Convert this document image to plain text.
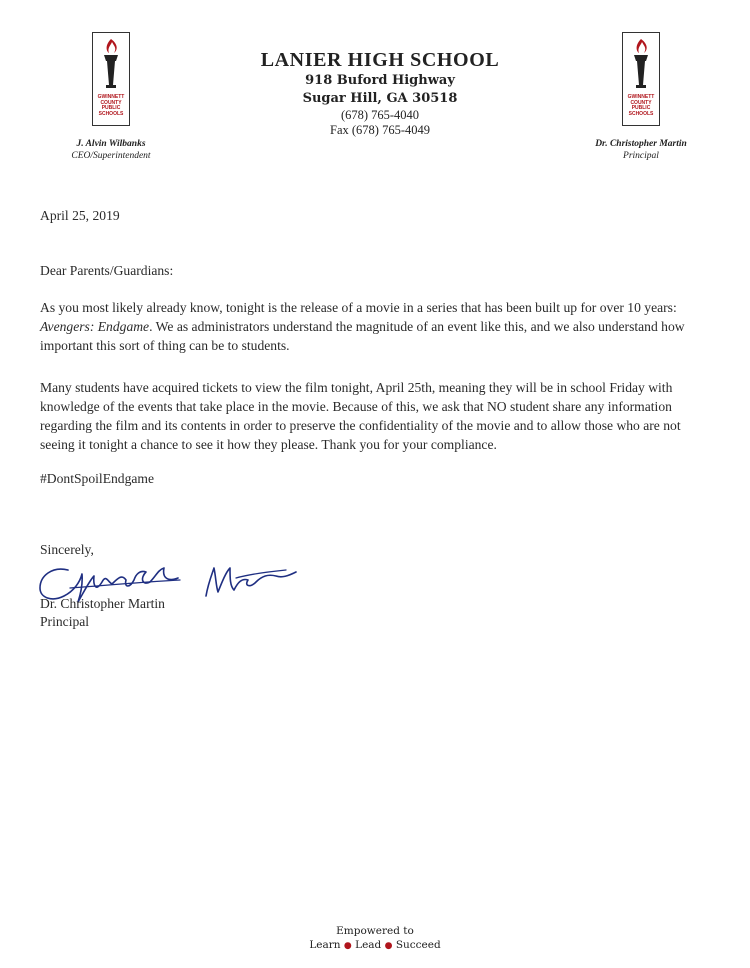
GWINNETT
COUNTY
PUBLIC
SCHOOLS
GWINNETT
COUNTY
PUBLIC
SCHOOLS
J. Alvin Wilbanks
CEO/Superintendent
Dr. Christopher Martin
Principal
LANIER HIGH SCHOOL
918 Buford Highway
Sugar Hill, GA 30518
(678) 765-4040
Fax (678) 765-4049
April 25, 2019
Dear Parents/Guardians:
As you most likely already know, tonight is the release of a movie in a series that has been built up for over 10 years: Avengers: Endgame. We as administrators understand the magnitude of an event like this, and we also understand how important this sort of thing can be to students.
Many students have acquired tickets to view the film tonight, April 25th, meaning they will be in school Friday with knowledge of the events that take place in the movie. Because of this, we ask that NO student share any information regarding the film and its contents in order to preserve the confidentiality of the movie and to allow those who are not seeing it tonight a chance to see it how they please. Thank you for your compliance.
#DontSpoilEndgame
Sincerely,
Dr. Christopher Martin
Principal
Empowered to
Learn ● Lead ● Succeed
